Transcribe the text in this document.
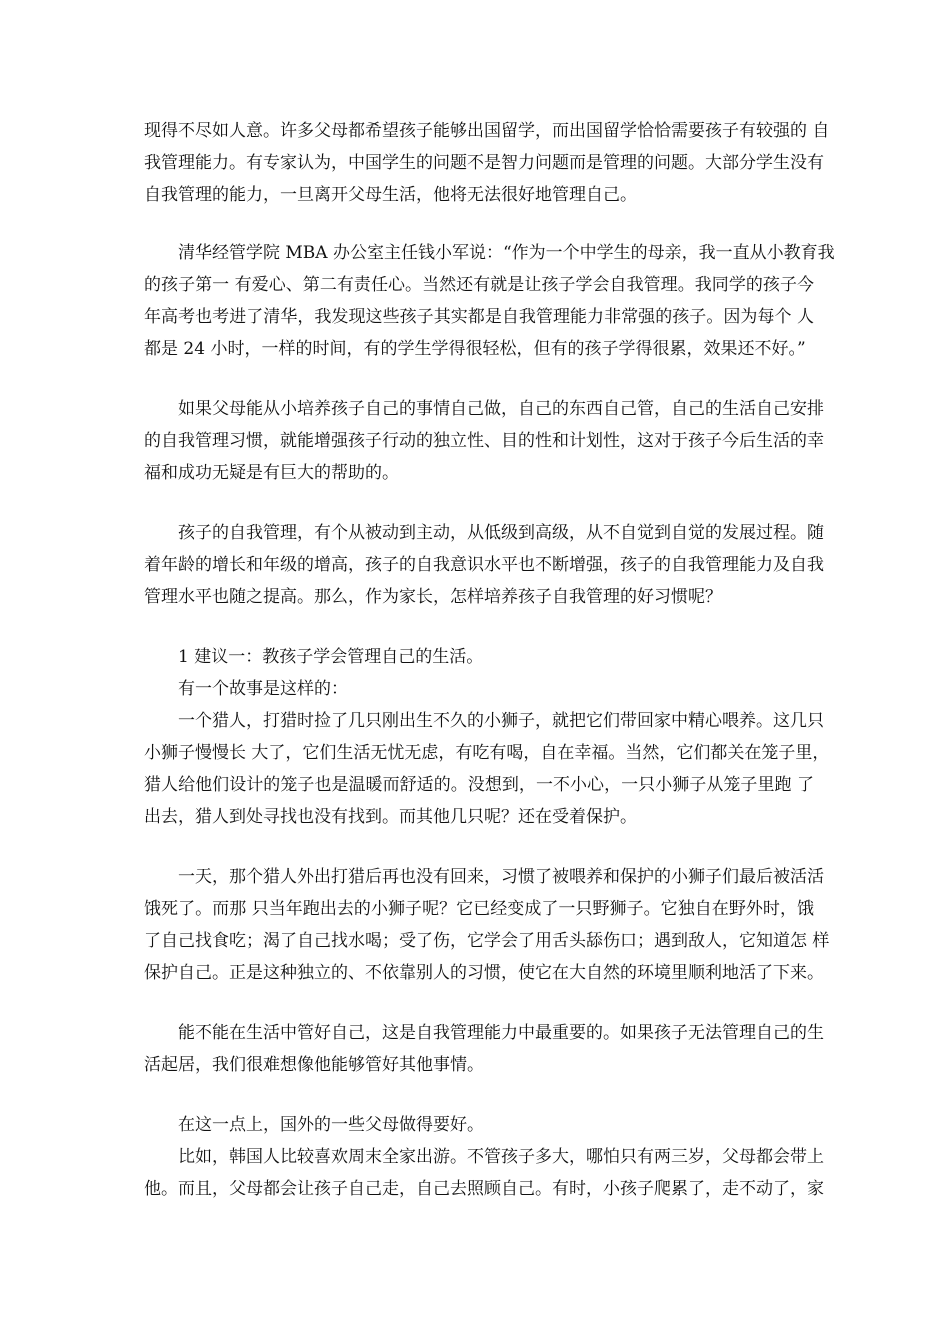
现得不尽如人意。许多父母都希望孩子能够出国留学，而出国留学恰恰需要孩子有较强的 自
我管理能力。有专家认为，中国学生的问题不是智力问题而是管理的问题。大部分学生没有
自我管理的能力，一旦离开父母生活，他将无法很好地管理自己。
清华经管学院 MBA 办公室主任钱小军说：“作为一个中学生的母亲，我一直从小教育我
的孩子第一 有爱心、第二有责任心。当然还有就是让孩子学会自我管理。我同学的孩子今
年高考也考进了清华，我发现这些孩子其实都是自我管理能力非常强的孩子。因为每个 人
都是 24 小时，一样的时间，有的学生学得很轻松，但有的孩子学得很累，效果还不好。”
如果父母能从小培养孩子自己的事情自己做，自己的东西自己管，自己的生活自己安排
的自我管理习惯，就能增强孩子行动的独立性、目的性和计划性，这对于孩子今后生活的幸
福和成功无疑是有巨大的帮助的。
孩子的自我管理，有个从被动到主动，从低级到高级，从不自觉到自觉的发展过程。随
着年龄的增长和年级的增高，孩子的自我意识水平也不断增强，孩子的自我管理能力及自我
管理水平也随之提高。那么，作为家长，怎样培养孩子自我管理的好习惯呢？
1 建议一：教孩子学会管理自己的生活。
有一个故事是这样的：
一个猎人，打猎时捡了几只刚出生不久的小狮子，就把它们带回家中精心喂养。这几只
小狮子慢慢长 大了，它们生活无忧无虑，有吃有喝，自在幸福。当然，它们都关在笼子里，
猎人给他们设计的笼子也是温暖而舒适的。没想到，一不小心，一只小狮子从笼子里跑 了
出去，猎人到处寻找也没有找到。而其他几只呢？还在受着保护。
一天，那个猎人外出打猎后再也没有回来，习惯了被喂养和保护的小狮子们最后被活活
饿死了。而那 只当年跑出去的小狮子呢？它已经变成了一只野狮子。它独自在野外时，饿
了自己找食吃；渴了自己找水喝；受了伤，它学会了用舌头舔伤口；遇到敌人，它知道怎 样
保护自己。正是这种独立的、不依靠别人的习惯，使它在大自然的环境里顺利地活了下来。
能不能在生活中管好自己，这是自我管理能力中最重要的。如果孩子无法管理自己的生
活起居，我们很难想像他能够管好其他事情。
在这一点上，国外的一些父母做得要好。
比如，韩国人比较喜欢周末全家出游。不管孩子多大，哪怕只有两三岁，父母都会带上
他。而且，父母都会让孩子自己走，自己去照顾自己。有时，小孩子爬累了，走不动了，家
